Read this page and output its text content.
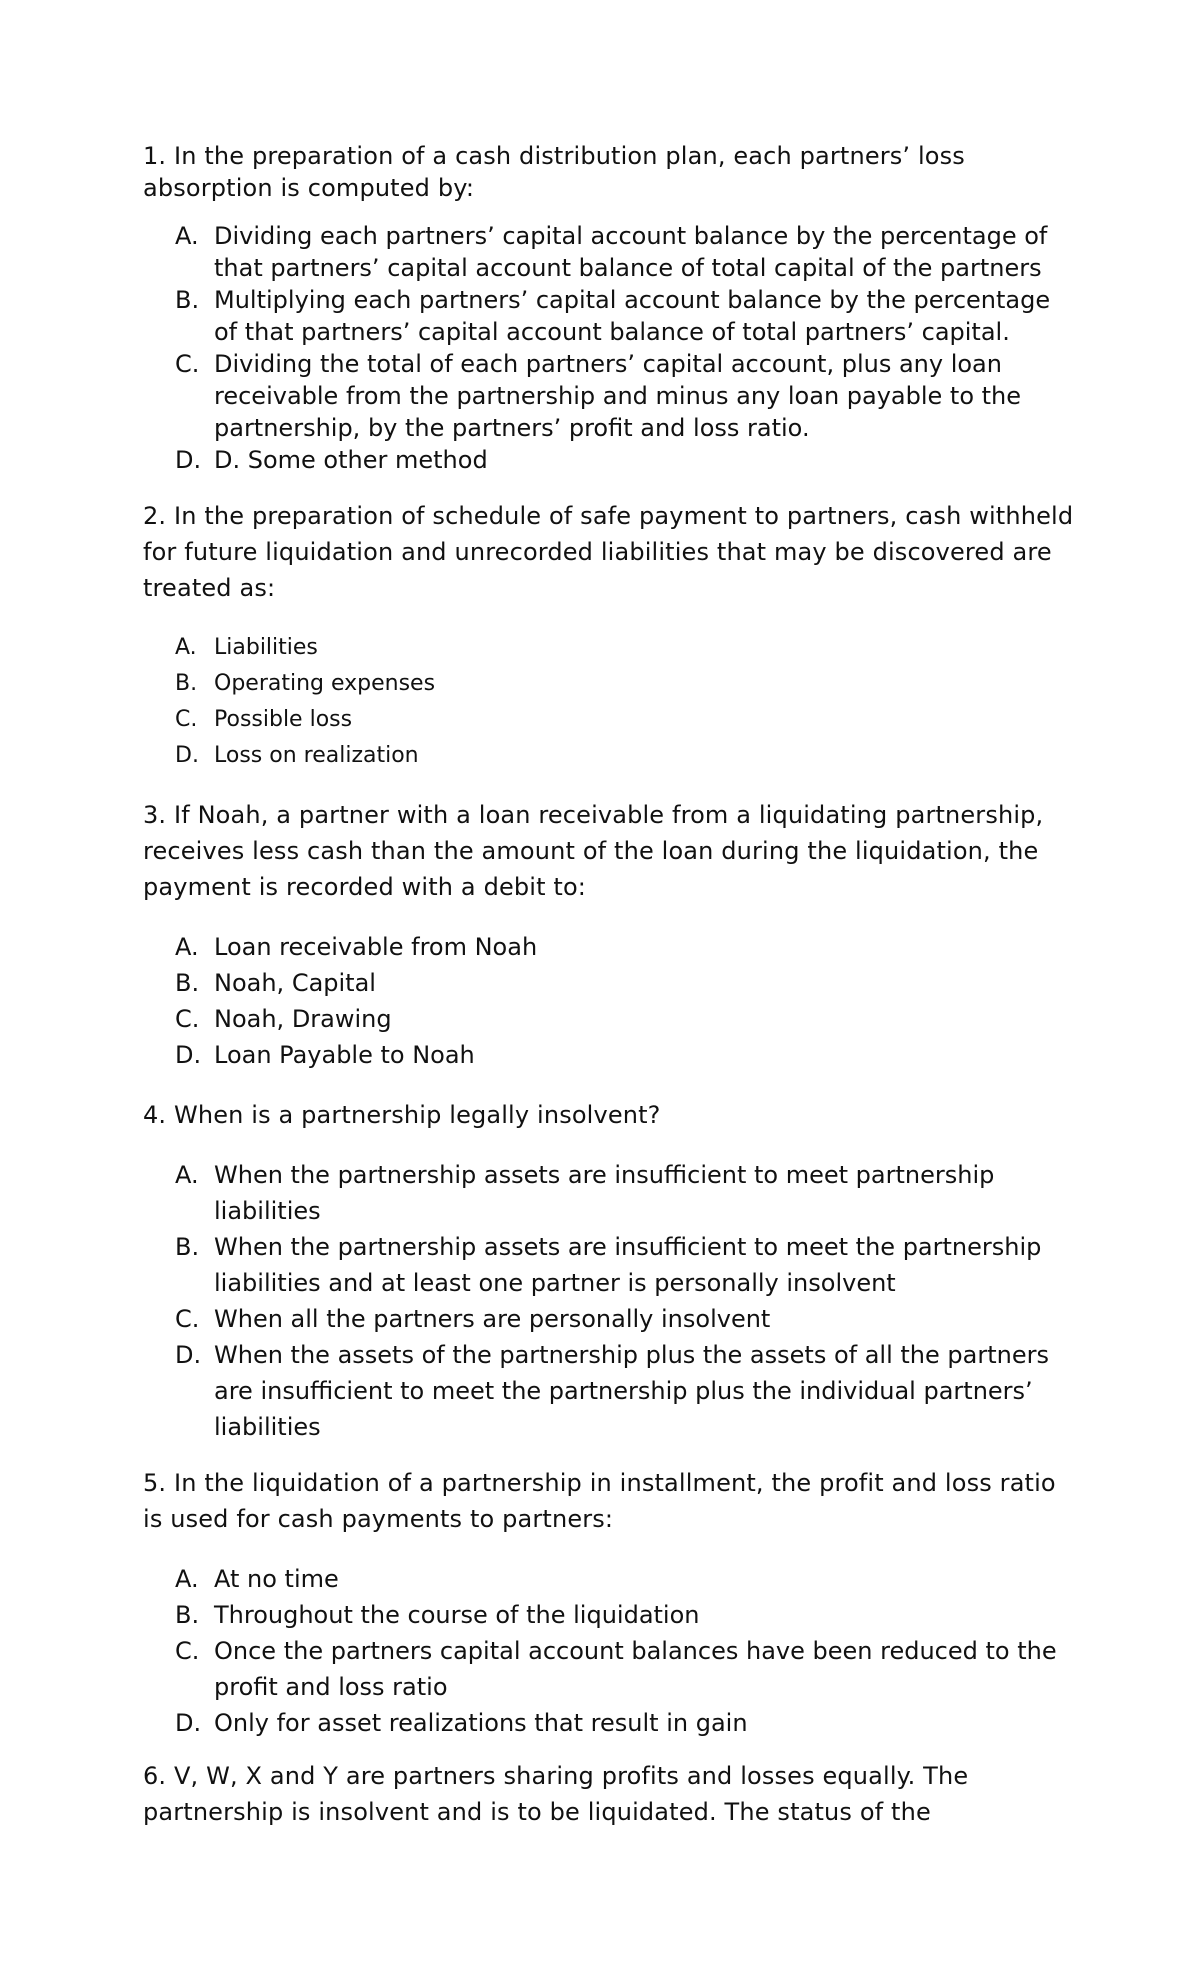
1. In the preparation of a cash distribution plan, each partners’ loss absorption is computed by:

A. Dividing each partners’ capital account balance by the percentage of that partners’ capital account balance of total capital of the partners
B. Multiplying each partners’ capital account balance by the percentage of that partners’ capital account balance of total partners’ capital.
C. Dividing the total of each partners’ capital account, plus any loan receivable from the partnership and minus any loan payable to the partnership, by the partners’ profit and loss ratio.
D. D. Some other method

2. In the preparation of schedule of safe payment to partners, cash withheld for future liquidation and unrecorded liabilities that may be discovered are treated as:

A. Liabilities
B. Operating expenses
C. Possible loss
D. Loss on realization

3. If Noah, a partner with a loan receivable from a liquidating partnership, receives less cash than the amount of the loan during the liquidation, the payment is recorded with a debit to:

A. Loan receivable from Noah
B. Noah, Capital
C. Noah, Drawing
D. Loan Payable to Noah

4. When is a partnership legally insolvent?

A. When the partnership assets are insufficient to meet partnership liabilities
B. When the partnership assets are insufficient to meet the partnership liabilities and at least one partner is personally insolvent
C. When all the partners are personally insolvent
D. When the assets of the partnership plus the assets of all the partners are insufficient to meet the partnership plus the individual partners’ liabilities

5. In the liquidation of a partnership in installment, the profit and loss ratio is used for cash payments to partners:

A. At no time
B. Throughout the course of the liquidation
C. Once the partners capital account balances have been reduced to the profit and loss ratio
D. Only for asset realizations that result in gain

6. V, W, X and Y are partners sharing profits and losses equally. The partnership is insolvent and is to be liquidated. The status of the
